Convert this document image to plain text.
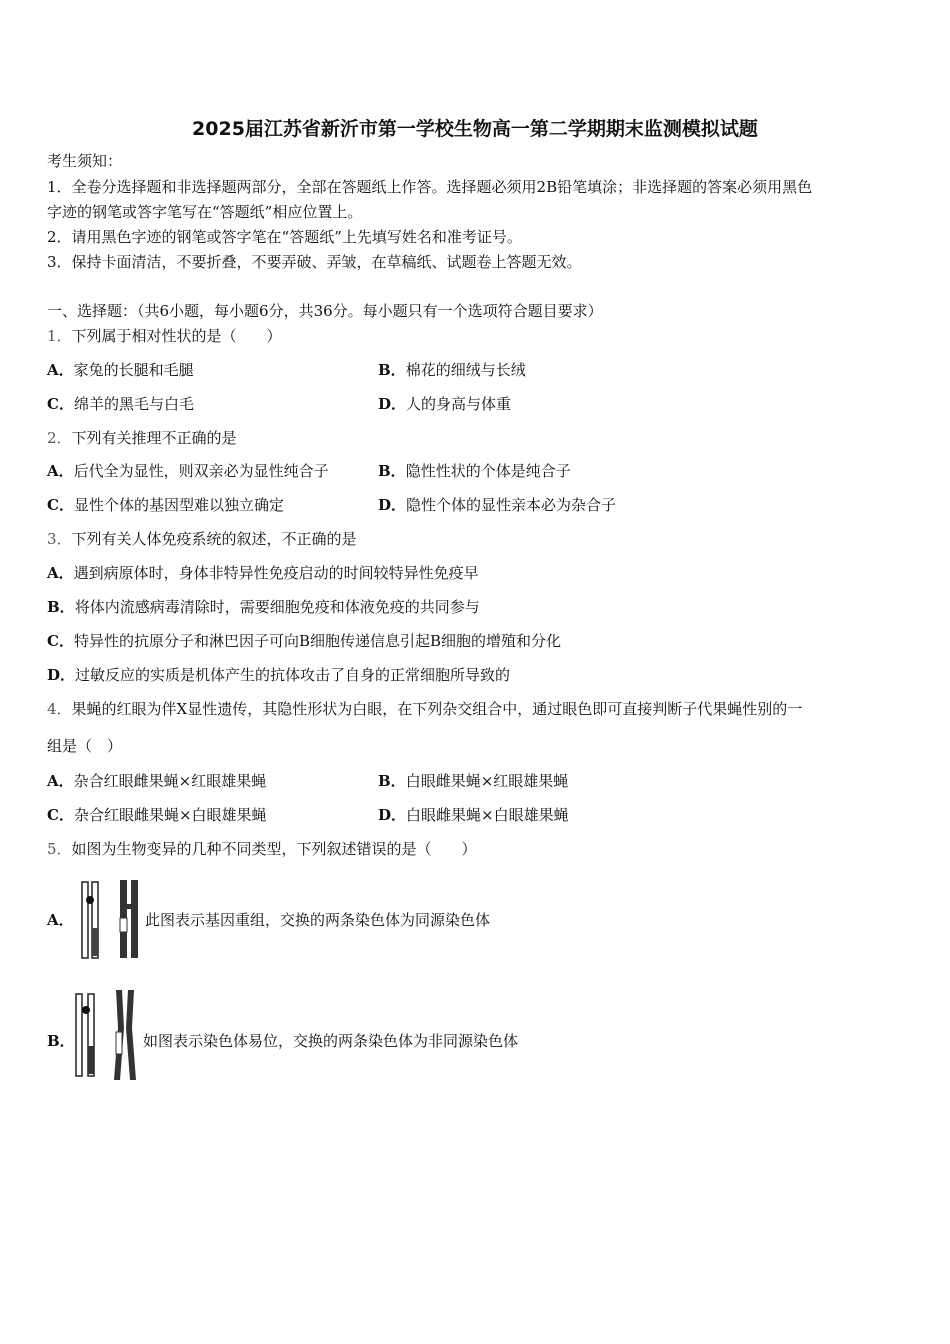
2025届江苏省新沂市第一学校生物高一第二学期期末监测模拟试题
考生须知：
1．全卷分选择题和非选择题两部分，全部在答题纸上作答。选择题必须用2B铅笔填涂；非选择题的答案必须用黑色
字迹的钢笔或答字笔写在“答题纸”相应位置上。
2．请用黑色字迹的钢笔或答字笔在“答题纸”上先填写姓名和准考证号。
3．保持卡面清洁，不要折叠，不要弄破、弄皱，在草稿纸、试题卷上答题无效。
一、选择题：（共6小题，每小题6分，共36分。每小题只有一个选项符合题目要求）
1．下列属于相对性状的是（　　）
A．家兔的长腿和毛腿	B．棉花的细绒与长绒
C．绵羊的黑毛与白毛	D．人的身高与体重
2．下列有关推理不正确的是
A．后代全为显性，则双亲必为显性纯合子	B．隐性性状的个体是纯合子
C．显性个体的基因型难以独立确定	D．隐性个体的显性亲本必为杂合子
3．下列有关人体免疫系统的叙述，不正确的是
A．遇到病原体时，身体非特异性免疫启动的时间较特异性免疫早
B．将体内流感病毒清除时，需要细胞免疫和体液免疫的共同参与
C．特异性的抗原分子和淋巴因子可向B细胞传递信息引起B细胞的增殖和分化
D．过敏反应的实质是机体产生的抗体攻击了自身的正常细胞所导致的
4．果蝇的红眼为伴X显性遗传，其隐性形状为白眼，在下列杂交组合中，通过眼色即可直接判断子代果蝇性别的一
组是（　）
A．杂合红眼雌果蝇×红眼雄果蝇	B．白眼雌果蝇×红眼雄果蝇
C．杂合红眼雌果蝇×白眼雄果蝇	D．白眼雌果蝇×白眼雄果蝇
5．如图为生物变异的几种不同类型，下列叙述错误的是（　　）
A．	此图表示基因重组，交换的两条染色体为同源染色体
B．	如图表示染色体易位，交换的两条染色体为非同源染色体
